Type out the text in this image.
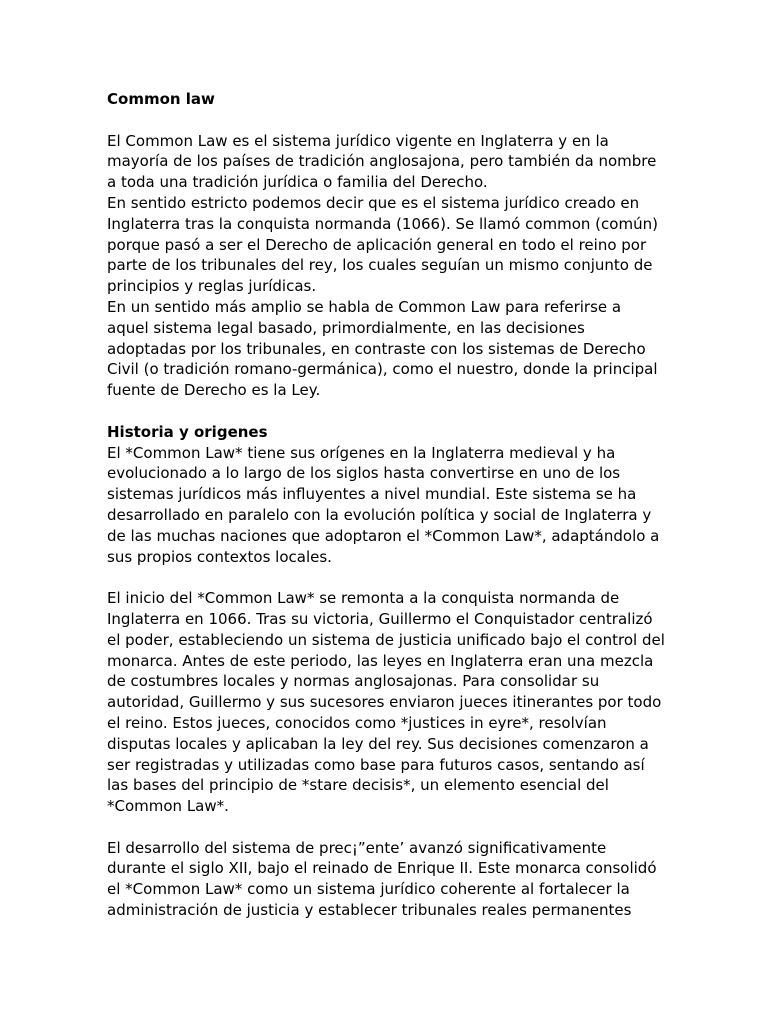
Common law

El Common Law es el sistema jurídico vigente en Inglaterra y en la mayoría de los países de tradición anglosajona, pero también da nombre a toda una tradición jurídica o familia del Derecho.

En sentido estricto podemos decir que es el sistema jurídico creado en Inglaterra tras la conquista normanda (1066). Se llamó common (común) porque pasó a ser el Derecho de aplicación general en todo el reino por parte de los tribunales del rey, los cuales seguían un mismo conjunto de principios y reglas jurídicas.

En un sentido más amplio se habla de Common Law para referirse a aquel sistema legal basado, primordialmente, en las decisiones adoptadas por los tribunales, en contraste con los sistemas de Derecho Civil (o tradición romano-germánica), como el nuestro, donde la principal fuente de Derecho es la Ley.

Historia y origenes

El *Common Law* tiene sus orígenes en la Inglaterra medieval y ha evolucionado a lo largo de los siglos hasta convertirse en uno de los sistemas jurídicos más influyentes a nivel mundial. Este sistema se ha desarrollado en paralelo con la evolución política y social de Inglaterra y de las muchas naciones que adoptaron el *Common Law*, adaptándolo a sus propios contextos locales.

El inicio del *Common Law* se remonta a la conquista normanda de Inglaterra en 1066. Tras su victoria, Guillermo el Conquistador centralizó el poder, estableciendo un sistema de justicia unificado bajo el control del monarca. Antes de este periodo, las leyes en Inglaterra eran una mezcla de costumbres locales y normas anglosajonas. Para consolidar su autoridad, Guillermo y sus sucesores enviaron jueces itinerantes por todo el reino. Estos jueces, conocidos como *justices in eyre*, resolvían disputas locales y aplicaban la ley del rey. Sus decisiones comenzaron a ser registradas y utilizadas como base para futuros casos, sentando así las bases del principio de *stare decisis*, un elemento esencial del *Common Law*.

El desarrollo del sistema de prec¡”ente’ avanzó significativamente durante el siglo XII, bajo el reinado de Enrique II. Este monarca consolidó el *Common Law* como un sistema jurídico coherente al fortalecer la administración de justicia y establecer tribunales reales permanentes
